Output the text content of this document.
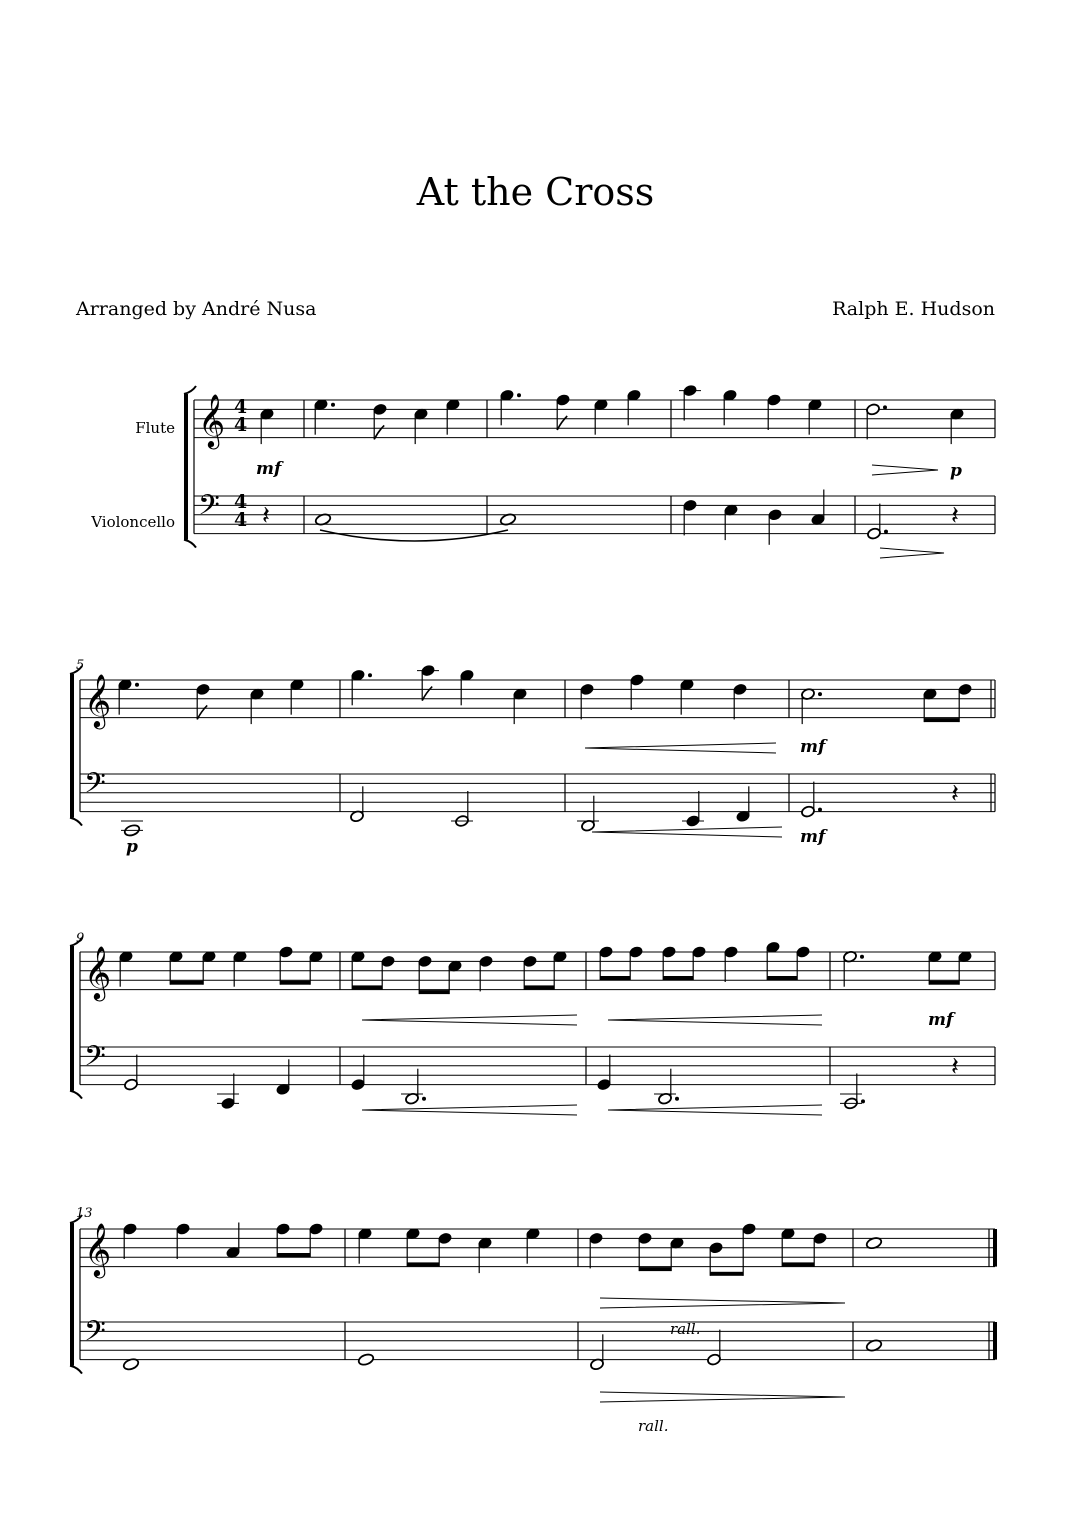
At the Cross
Arranged by André Nusa	Ralph E. Hudson
𝄞
𝄢
𝄞
𝄢
𝄞
𝄢
𝄞
𝄢
𝄽	𝄽
𝄽
𝄽
Flute
Violoncello
5
9
13
mf	p
p
mf
mf
mf
rall.
rall.
4
4
4
4
